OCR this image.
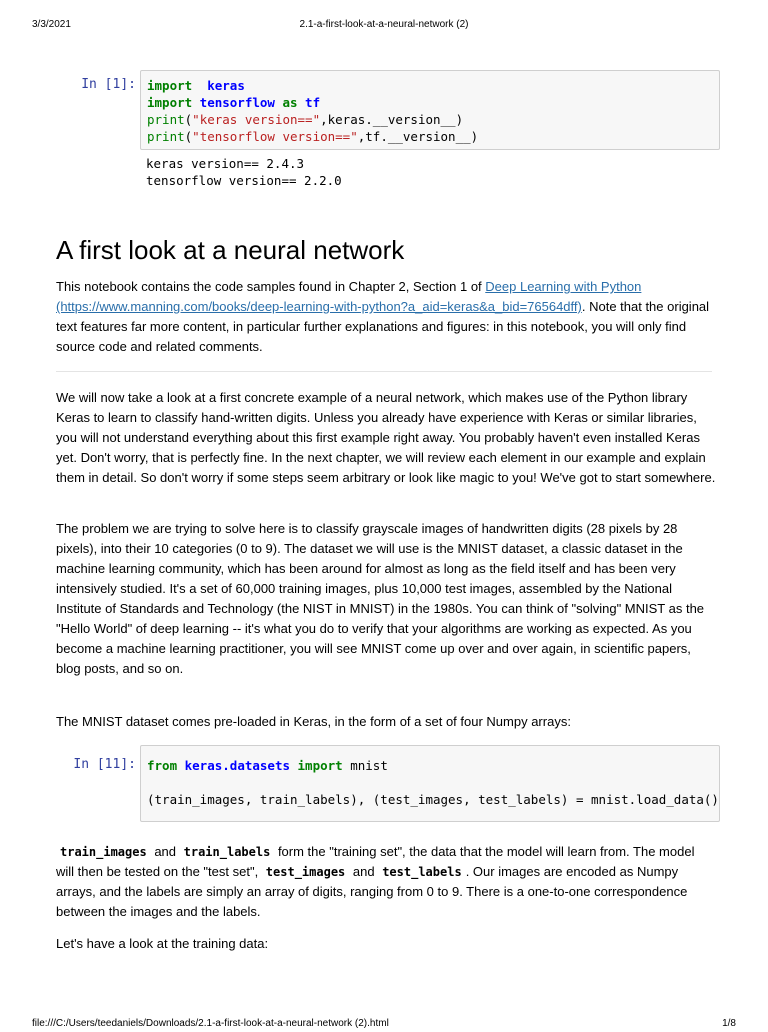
3/3/2021	2.1-a-first-look-at-a-neural-network (2)
In [1]: import keras
import tensorflow as tf
print("keras version==",keras.__version__)
print("tensorflow version==",tf.__version__)
keras version== 2.4.3
tensorflow version== 2.2.0
A first look at a neural network

This notebook contains the code samples found in Chapter 2, Section 1 of Deep Learning with Python (https://www.manning.com/books/deep-learning-with-python?a_aid=keras&a_bid=76564dff). Note that the original text features far more content, in particular further explanations and figures: in this notebook, you will only find source code and related comments.

We will now take a look at a first concrete example of a neural network, which makes use of the Python library Keras to learn to classify hand-written digits. Unless you already have experience with Keras or similar libraries, you will not understand everything about this first example right away. You probably haven't even installed Keras yet. Don't worry, that is perfectly fine. In the next chapter, we will review each element in our example and explain them in detail. So don't worry if some steps seem arbitrary or look like magic to you! We've got to start somewhere.

The problem we are trying to solve here is to classify grayscale images of handwritten digits (28 pixels by 28 pixels), into their 10 categories (0 to 9). The dataset we will use is the MNIST dataset, a classic dataset in the machine learning community, which has been around for almost as long as the field itself and has been very intensively studied. It's a set of 60,000 training images, plus 10,000 test images, assembled by the National Institute of Standards and Technology (the NIST in MNIST) in the 1980s. You can think of "solving" MNIST as the "Hello World" of deep learning -- it's what you do to verify that your algorithms are working as expected. As you become a machine learning practitioner, you will see MNIST come up over and over again, in scientific papers, blog posts, and so on.

The MNIST dataset comes pre-loaded in Keras, in the form of a set of four Numpy arrays:

In [11]: from keras.datasets import mnist

(train_images, train_labels), (test_images, test_labels) = mnist.load_data()

train_images and train_labels form the "training set", the data that the model will learn from. The model will then be tested on the "test set", test_images and test_labels . Our images are encoded as Numpy arrays, and the labels are simply an array of digits, ranging from 0 to 9. There is a one-to-one correspondence between the images and the labels.

Let's have a look at the training data:

file:///C:/Users/teedaniels/Downloads/2.1-a-first-look-at-a-neural-network (2).html	1/8
